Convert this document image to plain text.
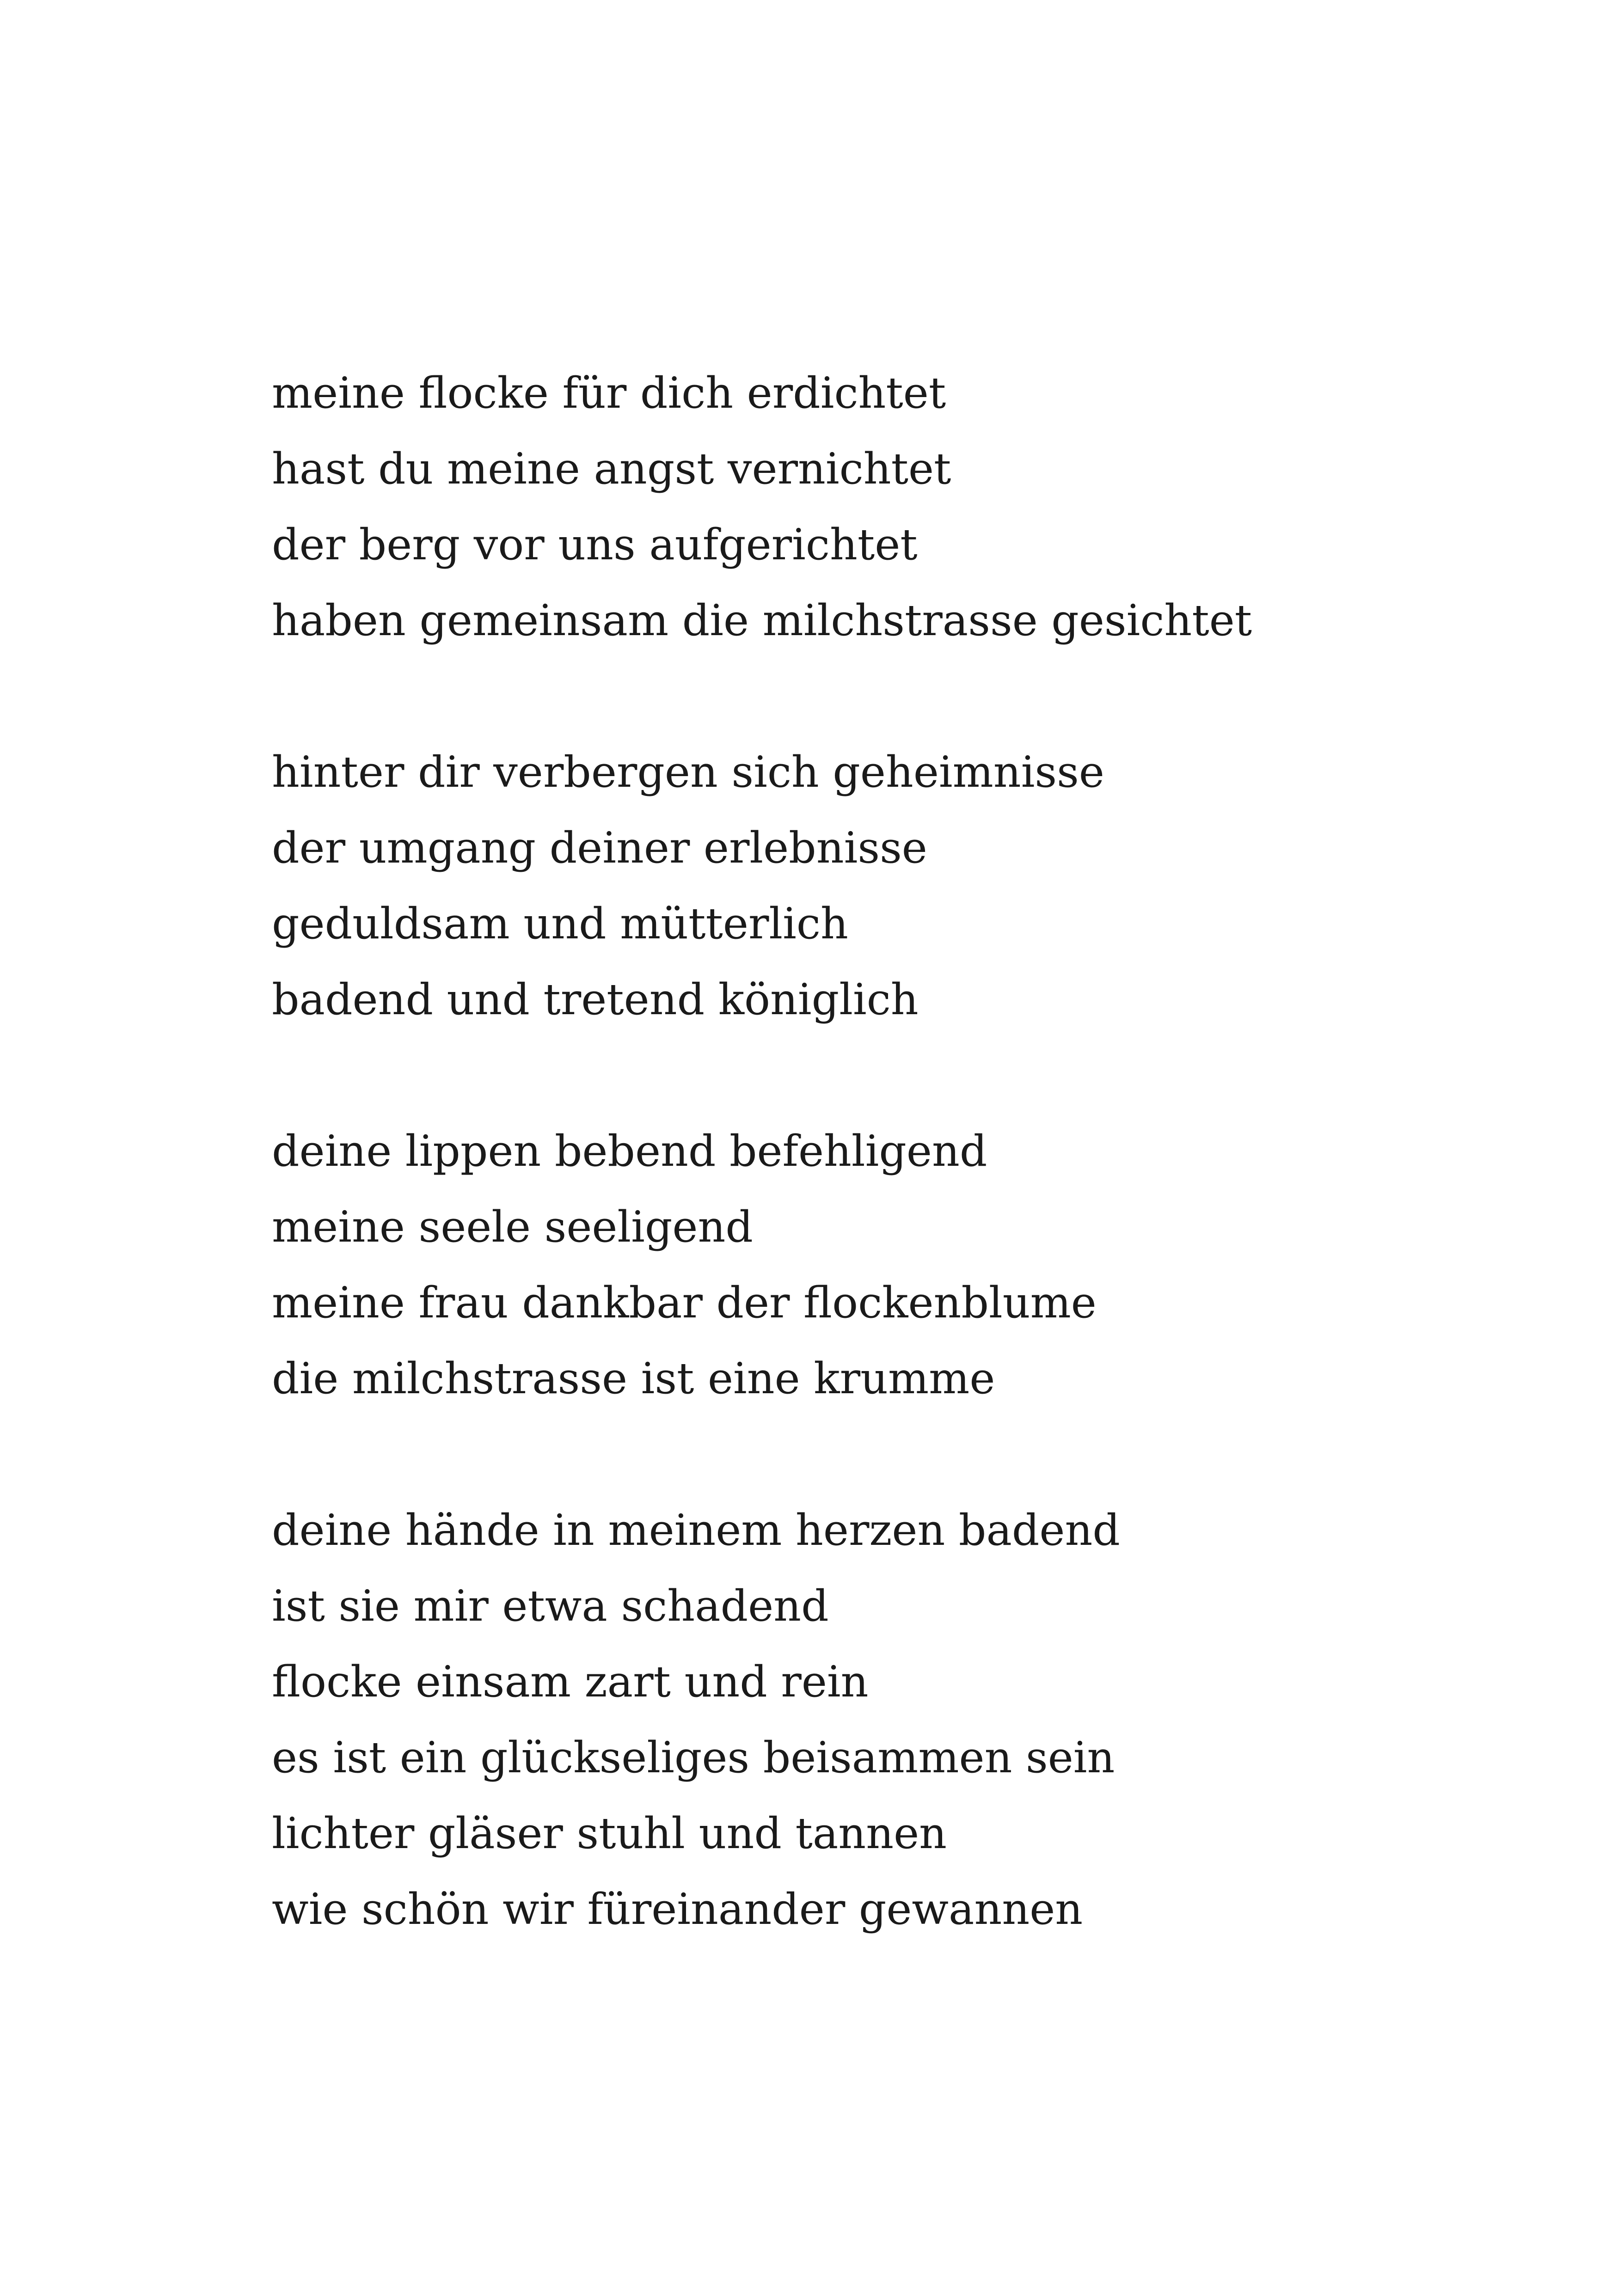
meine flocke für dich erdichtet
hast du meine angst vernichtet
der berg vor uns aufgerichtet
haben gemeinsam die milchstrasse gesichtet
hinter dir verbergen sich geheimnisse
der umgang deiner erlebnisse
geduldsam und mütterlich
badend und tretend königlich
deine lippen bebend befehligend
meine seele seeligend
meine frau dankbar der flockenblume
die milchstrasse ist eine krumme
deine hände in meinem herzen badend
ist sie mir etwa schadend
flocke einsam zart und rein
es ist ein glückseliges beisammen sein
lichter gläser stuhl und tannen
wie schön wir füreinander gewannen
